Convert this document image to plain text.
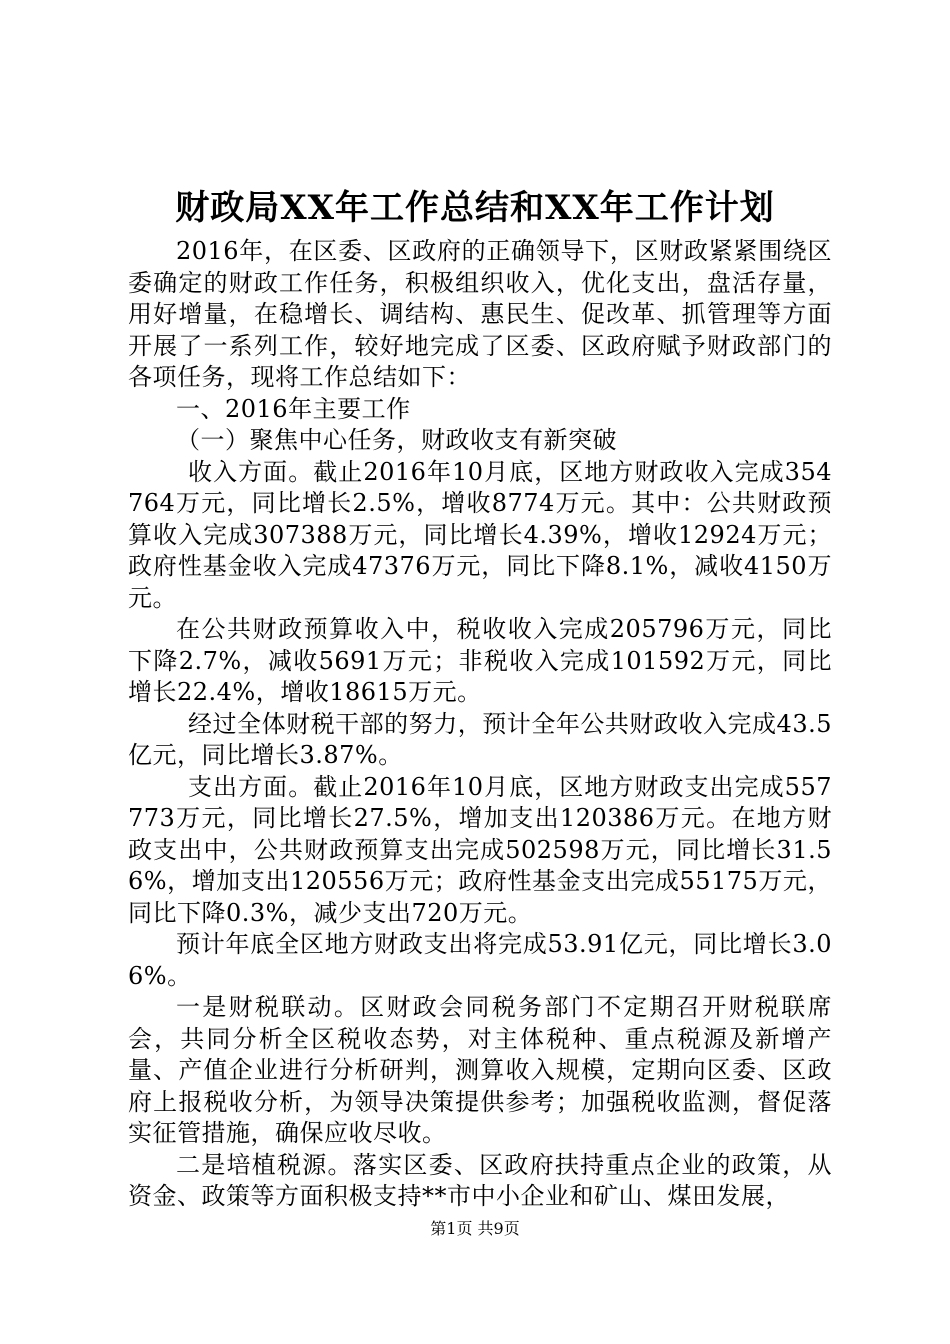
财政局XX年工作总结和XX年工作计划

2016年，在区委、区政府的正确领导下，区财政紧紧围绕区委确定的财政工作任务，积极组织收入，优化支出，盘活存量，用好增量，在稳增长、调结构、惠民生、促改革、抓管理等方面开展了一系列工作，较好地完成了区委、区政府赋予财政部门的各项任务，现将工作总结如下：

一、2016年主要工作

（一）聚焦中心任务，财政收支有新突破

收入方面。截止2016年10月底，区地方财政收入完成354764万元，同比增长2.5%，增收8774万元。其中：公共财政预算收入完成307388万元，同比增长4.39%，增收12924万元；政府性基金收入完成47376万元，同比下降8.1%，减收4150万元。

在公共财政预算收入中，税收收入完成205796万元，同比下降2.7%，减收5691万元；非税收入完成101592万元，同比增长22.4%，增收18615万元。

经过全体财税干部的努力，预计全年公共财政收入完成43.5亿元，同比增长3.87%。

支出方面。截止2016年10月底，区地方财政支出完成557773万元，同比增长27.5%，增加支出120386万元。在地方财政支出中，公共财政预算支出完成502598万元，同比增长31.56%，增加支出120556万元；政府性基金支出完成55175万元，同比下降0.3%，减少支出720万元。

预计年底全区地方财政支出将完成53.91亿元，同比增长3.06%。

一是财税联动。区财政会同税务部门不定期召开财税联席会，共同分析全区税收态势，对主体税种、重点税源及新增产量、产值企业进行分析研判，测算收入规模，定期向区委、区政府上报税收分析，为领导决策提供参考；加强税收监测，督促落实征管措施，确保应收尽收。

二是培植税源。落实区委、区政府扶持重点企业的政策，从资金、政策等方面积极支持**市中小企业和矿山、煤田发展，

第1页 共9页
